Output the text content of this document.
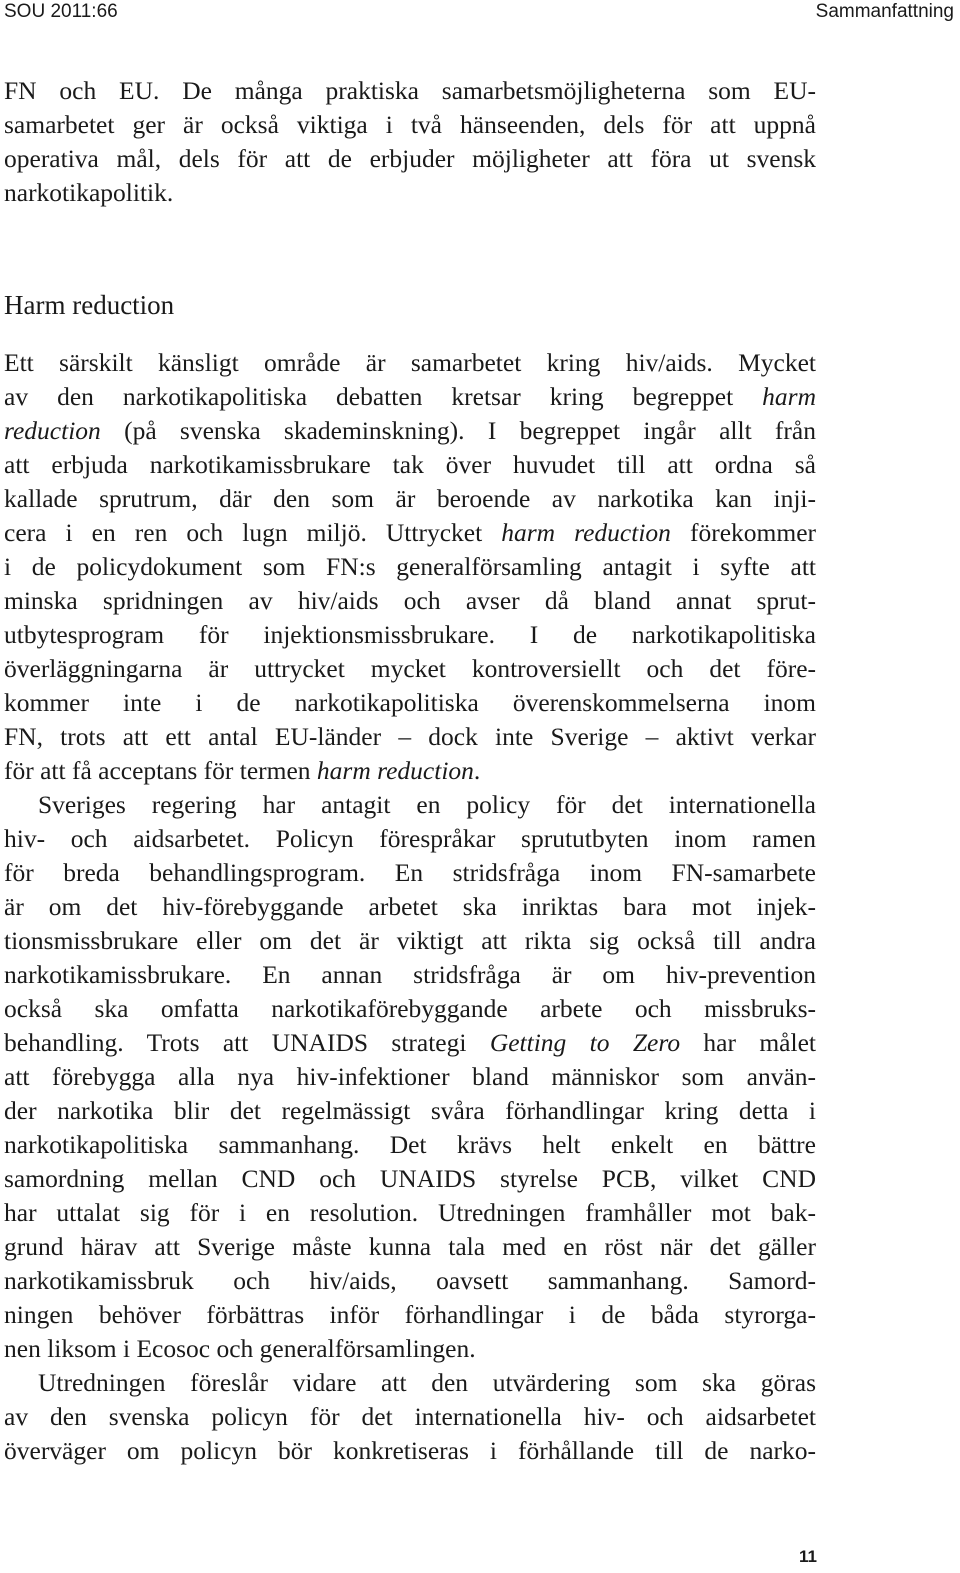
SOU 2011:66	Sammanfattning
FN och EU. De många praktiska samarbetsmöjligheterna som EU-
samarbetet ger är också viktiga i två hänseenden, dels för att uppnå
operativa mål, dels för att de erbjuder möjligheter att föra ut svensk
narkotikapolitik.
Harm reduction
Ett särskilt känsligt område är samarbetet kring hiv/aids. Mycket
av den narkotikapolitiska debatten kretsar kring begreppet harm
reduction (på svenska skademinskning). I begreppet ingår allt från
att erbjuda narkotikamissbrukare tak över huvudet till att ordna så
kallade sprutrum, där den som är beroende av narkotika kan inji-
cera i en ren och lugn miljö. Uttrycket harm reduction förekommer
i de policydokument som FN:s generalförsamling antagit i syfte att
minska spridningen av hiv/aids och avser då bland annat sprut-
utbytesprogram för injektionsmissbrukare. I de narkotikapolitiska
överläggningarna är uttrycket mycket kontroversiellt och det före-
kommer inte i de narkotikapolitiska överenskommelserna inom
FN, trots att ett antal EU-länder – dock inte Sverige – aktivt verkar
för att få acceptans för termen harm reduction.
Sveriges regering har antagit en policy för det internationella
hiv- och aidsarbetet. Policyn förespråkar sprututbyten inom ramen
för breda behandlingsprogram. En stridsfråga inom FN-samarbete
är om det hiv-förebyggande arbetet ska inriktas bara mot injek-
tionsmissbrukare eller om det är viktigt att rikta sig också till andra
narkotikamissbrukare. En annan stridsfråga är om hiv-prevention
också ska omfatta narkotikaförebyggande arbete och missbruks-
behandling. Trots att UNAIDS strategi Getting to Zero har målet
att förebygga alla nya hiv-infektioner bland människor som använ-
der narkotika blir det regelmässigt svåra förhandlingar kring detta i
narkotikapolitiska sammanhang. Det krävs helt enkelt en bättre
samordning mellan CND och UNAIDS styrelse PCB, vilket CND
har uttalat sig för i en resolution. Utredningen framhåller mot bak-
grund härav att Sverige måste kunna tala med en röst när det gäller
narkotikamissbruk och hiv/aids, oavsett sammanhang. Samord-
ningen behöver förbättras inför förhandlingar i de båda styrorga-
nen liksom i Ecosoc och generalförsamlingen.
Utredningen föreslår vidare att den utvärdering som ska göras
av den svenska policyn för det internationella hiv- och aidsarbetet
överväger om policyn bör konkretiseras i förhållande till de narko-
11
